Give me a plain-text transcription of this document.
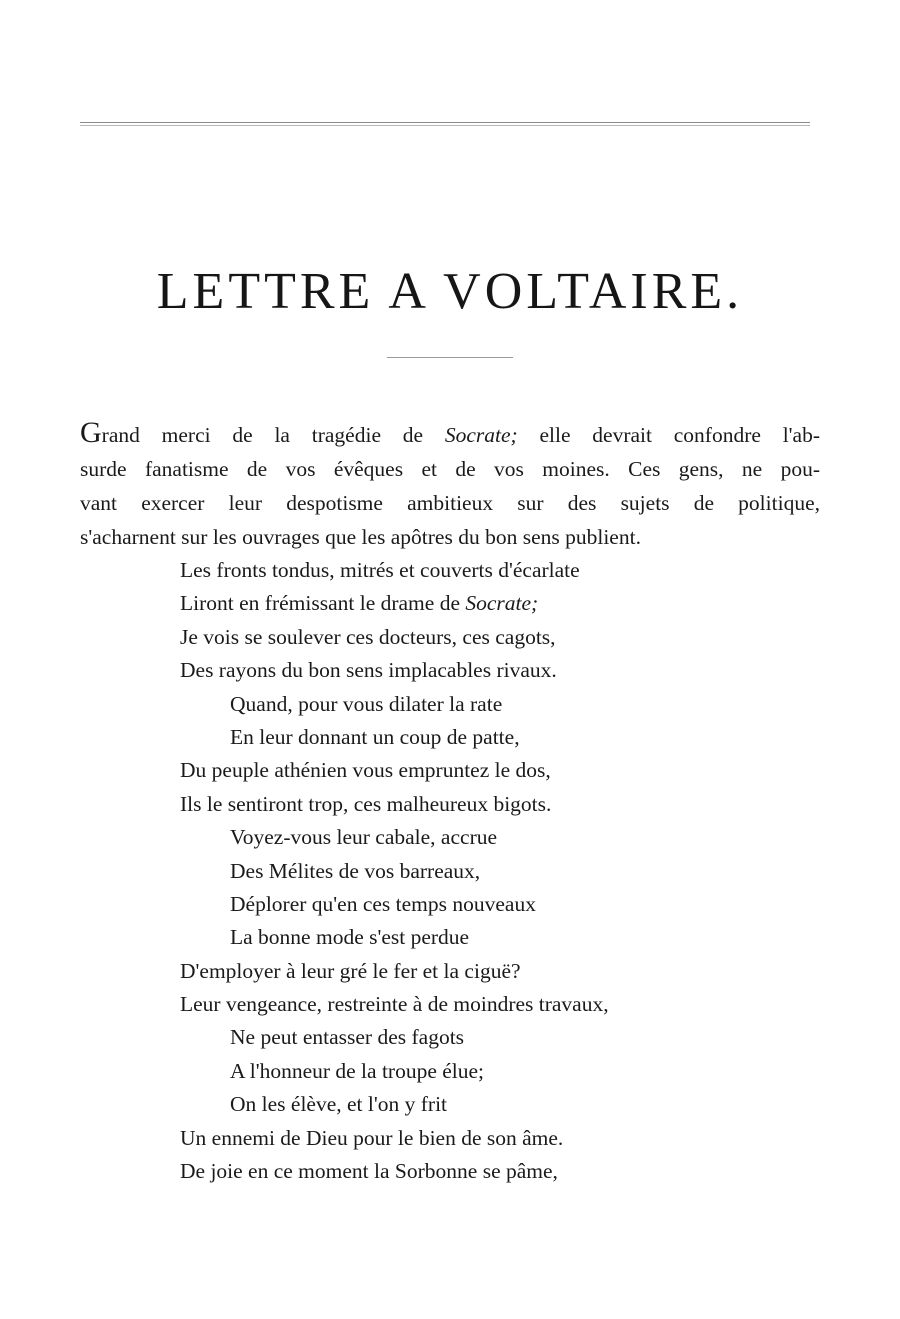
LETTRE A VOLTAIRE.
Grand merci de la tragédie de Socrate; elle devrait confondre l'ab-
surde fanatisme de vos évêques et de vos moines. Ces gens, ne pou-
vant exercer leur despotisme ambitieux sur des sujets de politique,
s'acharnent sur les ouvrages que les apôtres du bon sens publient.
Les fronts tondus, mitrés et couverts d'écarlate
Liront en frémissant le drame de Socrate;
Je vois se soulever ces docteurs, ces cagots,
Des rayons du bon sens implacables rivaux.
Quand, pour vous dilater la rate
En leur donnant un coup de patte,
Du peuple athénien vous empruntez le dos,
Ils le sentiront trop, ces malheureux bigots.
Voyez-vous leur cabale, accrue
Des Mélites de vos barreaux,
Déplorer qu'en ces temps nouveaux
La bonne mode s'est perdue
D'employer à leur gré le fer et la ciguë?
Leur vengeance, restreinte à de moindres travaux,
Ne peut entasser des fagots
A l'honneur de la troupe élue;
On les élève, et l'on y frit
Un ennemi de Dieu pour le bien de son âme.
De joie en ce moment la Sorbonne se pâme,
